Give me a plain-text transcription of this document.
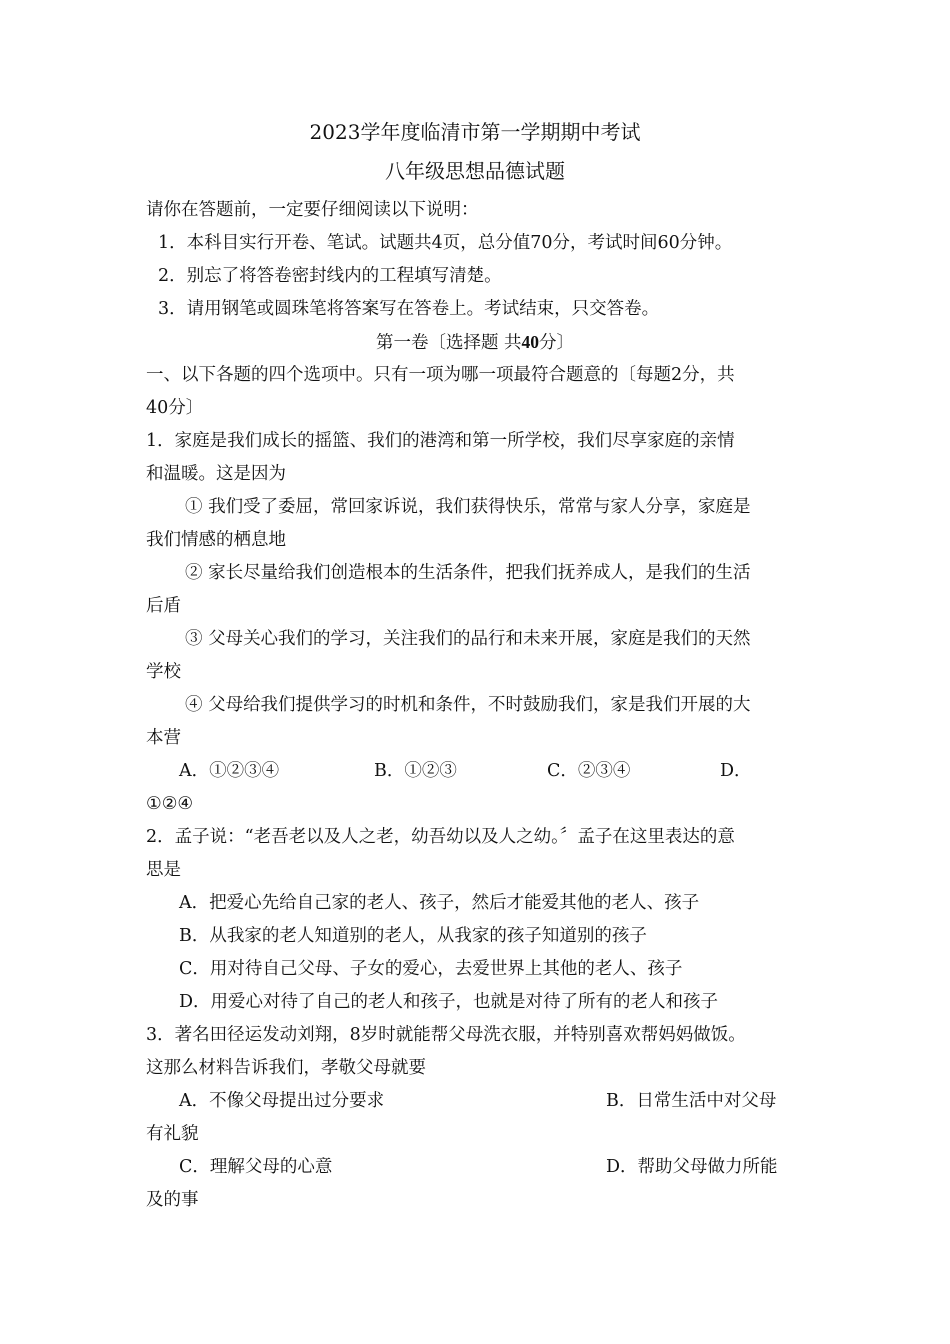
2023学年度临清市第一学期期中考试
八年级思想品德试题
请你在答题前，一定要仔细阅读以下说明：
1．本科目实行开卷、笔试。试题共4页，总分值70分，考试时间60分钟。
2．别忘了将答卷密封线内的工程填写清楚。
3．请用钢笔或圆珠笔将答案写在答卷上。考试结束，只交答卷。
第一卷〔选择题 共40分〕
一、以下各题的四个选项中。只有一项为哪一项最符合题意的〔每题2分，共
40分〕
1．家庭是我们成长的摇篮、我们的港湾和第一所学校，我们尽享家庭的亲情
和温暖。这是因为
① 我们受了委屈，常回家诉说，我们获得快乐，常常与家人分享，家庭是
我们情感的栖息地
② 家长尽量给我们创造根本的生活条件，把我们抚养成人，是我们的生活
后盾
③ 父母关心我们的学习，关注我们的品行和未来开展，家庭是我们的天然
学校
④ 父母给我们提供学习的时机和条件，不时鼓励我们，家是我们开展的大
本营
A．①②③④	B．①②③	C．②③④	D．
①②④
2．孟子说：“老吾老以及人之老，幼吾幼以及人之幼。〞孟子在这里表达的意
思是
A．把爱心先给自己家的老人、孩子，然后才能爱其他的老人、孩子
B．从我家的老人知道别的老人，从我家的孩子知道别的孩子
C．用对待自己父母、子女的爱心，去爱世界上其他的老人、孩子
D．用爱心对待了自己的老人和孩子，也就是对待了所有的老人和孩子
3．著名田径运发动刘翔，8岁时就能帮父母洗衣服，并特别喜欢帮妈妈做饭。
这那么材料告诉我们，孝敬父母就要
A．不像父母提出过分要求	B．日常生活中对父母
有礼貌
C．理解父母的心意	D．帮助父母做力所能
及的事
